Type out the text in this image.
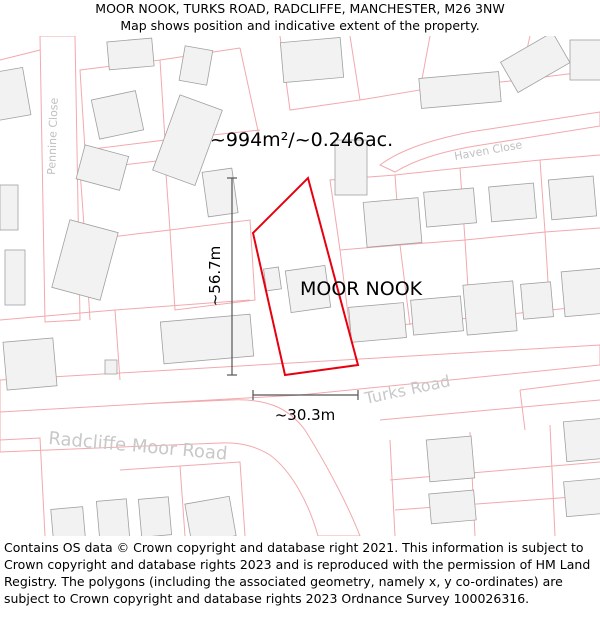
MOOR NOOK, TURKS ROAD, RADCLIFFE, MANCHESTER, M26 3NW
Map shows position and indicative extent of the property.
Radcliffe Moor Road
Turks Road
Haven Close
Pennine Close	~994m²/~0.246ac.
MOOR NOOK
~56.7m
~30.3m
Contains OS data © Crown copyright and database right 2021. This information is subject to Crown copyright and database rights 2023 and is reproduced with the permission of HM Land Registry. The polygons (including the associated geometry, namely x, y co-ordinates) are subject to Crown copyright and database rights 2023 Ordnance Survey 100026316.
